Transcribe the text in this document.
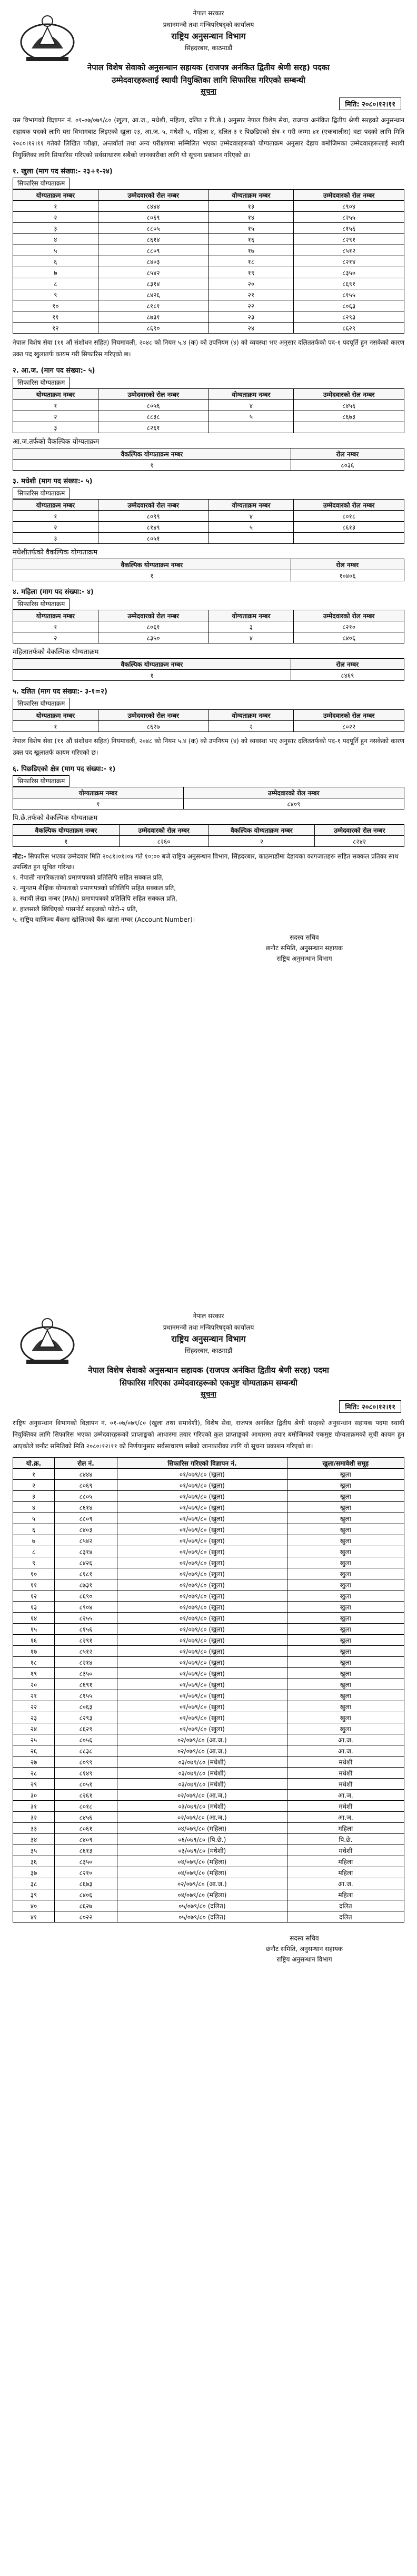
नेपाल सरकार
प्रधानमन्त्री तथा मन्त्रिपरिषद्को कार्यालय
राष्ट्रिय अनुसन्धान विभाग
सिंहदरबार, काठमाडौं
नेपाल विशेष सेवाको अनुसन्धान सहायक (राजपत्र अनंकित द्वितीय श्रेणी सरह) पदका
उम्मेदवारहरूलाई स्थायी नियुक्तिका लागि सिफारिस गरिएको सम्बन्धी
सूचना
मिति: २०८०।१२।११

यस विभागको विज्ञापन नं. ०१-०७/०७९/८० (खुला, आ.ज., मधेशी, महिला, दलित र पि.छे.) अनुसार नेपाल विशेष सेवा, राजपत्र अनंकित द्वितीय श्रेणी सरहको अनुसन्धान सहायक पदको लागि यस विभागबाट लिइएको खुला-२३, आ.ज.-५, मधेशी-५, महिला-४, दलित-३ र पिछडिएको क्षेत्र-१ गरी जम्मा ४१ (एकचालीस) वटा पदको लागि मिति २०८०।१२।११ गतेको लिखित परीक्षा, अन्तर्वार्ता तथा अन्य परीक्षणमा सम्मिलित भएका उम्मेदवारहरूको योग्यताक्रम अनुसार देहाय बमोजिमका उम्मेदवारहरूलाई स्थायी नियुक्तिका लागि सिफारिस गरिएको सर्वसाधारण सबैको जानकारीका लागि यो सूचना प्रकाशन गरिएको छ।

१. खुला (माग पद संख्या:- २३+१-२४)
सिफारिस योग्यताक्रम
योग्यताक्रम नम्बर	उम्मेदवारको रोल नम्बर	योग्यताक्रम नम्बर	उम्मेदवारको रोल नम्बर
१	८४४४	१३	८९०४
२	८०६९	१४	८२५५
३	८८०५	१५	८१५६
४	८६१४	१६	८२९१
५	८८०९	१७	८५१२
६	८४०३	१८	८२१४
७	८५४२	१९	८३५०
८	८३१४	२०	८६९१
९	८४२६	२१	८१५५
१०	८१८१	२२	८०६३
११	८७३१	२३	८२९३
१२	८६९०	२४	८६२९

नेपाल विशेष सेवा (११ औं संशोधन सहित) नियमावली, २०४८ को नियम ५.४ (क) को उपनियम (४) को व्यवस्था भए अनुसार दलिततर्फको पद-१ पदपूर्ति हुन नसकेको कारण उक्त पद खुलातर्फ कायम गरी सिफारिस गरिएको छ।

२. आ.ज. (माग पद संख्या:- ५)
सिफारिस योग्यताक्रम
योग्यताक्रम नम्बर	उम्मेदवारको रोल नम्बर	योग्यताक्रम नम्बर	उम्मेदवारको रोल नम्बर
१	८०५६	४	८४५६
२	८८३८	५	८६७३
३	८२६१		
आ.ज.तर्फको वैकल्पिक योग्यताक्रम
वैकल्पिक योग्यताक्रम नम्बर	रोल नम्बर
१	८०३६
३. मधेशी (माग पद संख्या:- ५)
सिफारिस योग्यताक्रम
योग्यताक्रम नम्बर	उम्मेदवारको रोल नम्बर	योग्यताक्रम नम्बर	उम्मेदवारको रोल नम्बर
१	८०९९	४	८०१८
२	८१४९	५	८६१३
३	८०५१		
मधेशीतर्फको वैकल्पिक योग्यताक्रम
वैकल्पिक योग्यताक्रम नम्बर	रोल नम्बर
१	१०४०६
४. महिला (माग पद संख्या:- ४)
सिफारिस योग्यताक्रम
योग्यताक्रम नम्बर	उम्मेदवारको रोल नम्बर	योग्यताक्रम नम्बर	उम्मेदवारको रोल नम्बर
१	८०६१	३	८२१०
२	८३५०	४	८४०६
महिलातर्फको वैकल्पिक योग्यताक्रम
वैकल्पिक योग्यताक्रम नम्बर	रोल नम्बर
१	८४६९
५. दलित (माग पद संख्या:- ३-१=२)
सिफारिस योग्यताक्रम
योग्यताक्रम नम्बर	उम्मेदवारको रोल नम्बर	योग्यताक्रम नम्बर	उम्मेदवारको रोल नम्बर
१	८६२७	२	८०२२

नेपाल विशेष सेवा (११ औं संशोधन सहित) नियमावली, २०४८ को नियम ५.४ (क) को उपनियम (४) को व्यवस्था भए अनुसार दलिततर्फको पद-१ पदपूर्ति हुन नसकेको कारण उक्त पद खुलातर्फ कायम गरिएको छ।

६. पिछडिएको क्षेत्र (माग पद संख्या:- १)
सिफारिस योग्यताक्रम
योग्यताक्रम नम्बर	उम्मेदवारको रोल नम्बर
१	८४०९
पि.छे.तर्फको वैकल्पिक योग्यताक्रम
वैकल्पिक योग्यताक्रम नम्बर	उम्मेदवारको रोल नम्बर	वैकल्पिक योग्यताक्रम नम्बर	उम्मेदवारको रोल नम्बर
१	८२६०	२	८२४२
नोट:- सिफारिस भएका उम्मेदवार मिति २०८१।०१।०४ गते १०:०० बजे राष्ट्रिय अनुसन्धान विभाग, सिंहदरबार, काठमाडौंमा देहायका कागजातहरू सहित सक्कल प्रतिका साथ उपस्थित हुन सूचित गरिन्छ।
१. नेपाली नागरिकताको प्रमाणपत्रको प्रतिलिपि सहित सक्कल प्रति,
२. न्यूनतम शैक्षिक योग्यताको प्रमाणपत्रको प्रतिलिपि सहित सक्कल प्रति,
३. स्थायी लेखा नम्बर (PAN) प्रमाणपत्रको प्रतिलिपि सहित सक्कल प्रति,
४. हालसालै खिचिएको पासपोर्ट साइजको फोटो-२ प्रति,
५. राष्ट्रिय वाणिज्य बैंकमा खोलिएको बैंक खाता नम्बर (Account Number)।
सदस्य सचिव
छनौट समिति, अनुसन्धान सहायक
राष्ट्रिय अनुसन्धान विभाग
नेपाल सरकार
प्रधानमन्त्री तथा मन्त्रिपरिषद्को कार्यालय
राष्ट्रिय अनुसन्धान विभाग
सिंहदरबार, काठमाडौं
नेपाल विशेष सेवाको अनुसन्धान सहायक (राजपत्र अनंकित द्वितीय श्रेणी सरह) पदमा
सिफारिस गरिएका उम्मेदवारहरूको एकमुष्ट योग्यताक्रम सम्बन्धी
सूचना
मिति: २०८०।१२।११

राष्ट्रिय अनुसन्धान विभागको विज्ञापन नं. ०१-०७/०७९/८० (खुला तथा समावेशी), विशेष सेवा, राजपत्र अनंकित द्वितीय श्रेणी सरहको अनुसन्धान सहायक पदमा स्थायी नियुक्तिका लागि सिफारिस भएका उम्मेदवारहरूको प्राप्ताङ्कको आधारमा तयार गरिएको कुल प्राप्ताङ्कको आधारमा तयार बमोजिमको एकमुष्ट योग्यताक्रमको सूची कायम हुन आएकोले छनौट समितिको मिति २०८०।१२।११ को निर्णयानुसार सर्वसाधारण सबैको जानकारीका लागि यो सूचना प्रकाशन गरिएको छ।

यो.क्र.	रोल नं.	सिफारिस गरिएको विज्ञापन नं.	खुला/समावेशी समूह
१	८४४४	०१/०७९/८० (खुला)	खुला
२	८०६९	०१/०७९/८० (खुला)	खुला
३	८८०५	०१/०७९/८० (खुला)	खुला
४	८६१४	०१/०७९/८० (खुला)	खुला
५	८८०९	०१/०७९/८० (खुला)	खुला
६	८४०३	०१/०७९/८० (खुला)	खुला
७	८५४२	०१/०७९/८० (खुला)	खुला
८	८३१४	०१/०७९/८० (खुला)	खुला
९	८४२६	०१/०७९/८० (खुला)	खुला
१०	८१८१	०१/०७९/८० (खुला)	खुला
११	८७३१	०१/०७९/८० (खुला)	खुला
१२	८६९०	०१/०७९/८० (खुला)	खुला
१३	८९०४	०१/०७९/८० (खुला)	खुला
१४	८२५५	०१/०७९/८० (खुला)	खुला
१५	८१५६	०१/०७९/८० (खुला)	खुला
१६	८२९१	०१/०७९/८० (खुला)	खुला
१७	८५१२	०१/०७९/८० (खुला)	खुला
१८	८२१४	०१/०७९/८० (खुला)	खुला
१९	८३५०	०१/०७९/८० (खुला)	खुला
२०	८६९१	०१/०७९/८० (खुला)	खुला
२१	८१५५	०१/०७९/८० (खुला)	खुला
२२	८०६३	०१/०७९/८० (खुला)	खुला
२३	८२९३	०१/०७९/८० (खुला)	खुला
२४	८६२९	०१/०७९/८० (खुला)	खुला
२५	८०५६	०२/०७९/८० (आ.ज.)	आ.ज.
२६	८८३८	०२/०७९/८० (आ.ज.)	आ.ज.
२७	८०९९	०३/०७९/८० (मधेशी)	मधेशी
२८	८१४९	०३/०७९/८० (मधेशी)	मधेशी
२९	८०५१	०३/०७९/८० (मधेशी)	मधेशी
३०	८२६१	०२/०७९/८० (आ.ज.)	आ.ज.
३१	८०१८	०३/०७९/८० (मधेशी)	मधेशी
३२	८४५६	०२/०७९/८० (आ.ज.)	आ.ज.
३३	८०६१	०४/०७९/८० (महिला)	महिला
३४	८४०९	०६/०७९/८० (पि.छे.)	पि.छे.
३५	८६१३	०३/०७९/८० (मधेशी)	मधेशी
३६	८३५०	०४/०७९/८० (महिला)	महिला
३७	८२१०	०४/०७९/८० (महिला)	महिला
३८	८६७३	०२/०७९/८० (आ.ज.)	आ.ज.
३९	८४०६	०४/०७९/८० (महिला)	महिला
४०	८६२७	०५/०७९/८० (दलित)	दलित
४१	८०२२	०५/०७९/८० (दलित)	दलित
सदस्य सचिव
छनौट समिति, अनुसन्धान सहायक
राष्ट्रिय अनुसन्धान विभाग
